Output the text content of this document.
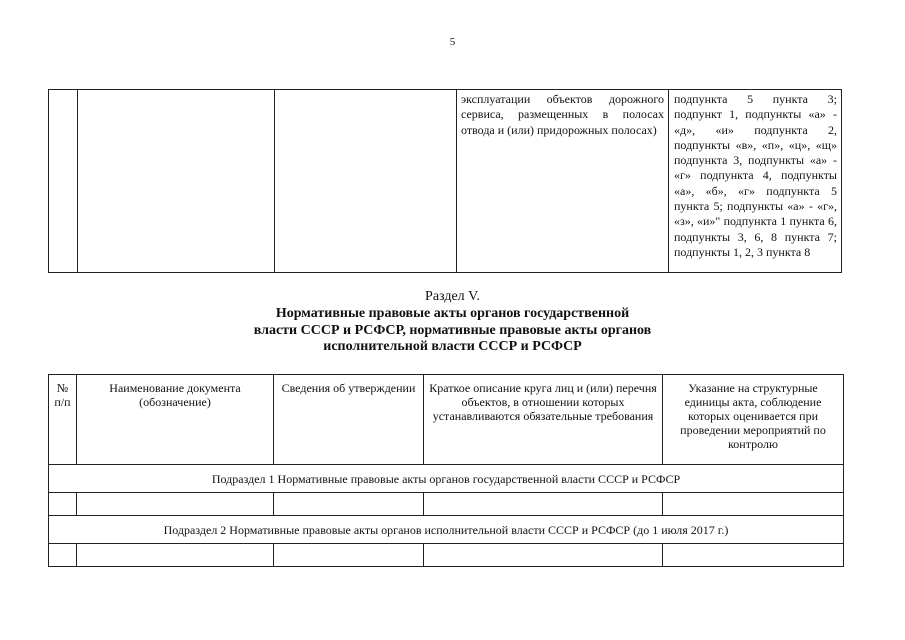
5
			эксплуатации объектов дорожного сервиса, размещенных в полосах отвода и (или) придорожных полосах)	подпункта 5 пункта 3; подпункт 1, подпункты «а» - «д», «и» подпункта 2, подпункты «в», «п», «ц», «щ» подпункта 3, подпункты «а» - «г» подпункта 4, подпункты «а», «б», «г» подпункта 5 пункта 5; подпункты «а» - «г», «з», «и»" подпункта 1 пункта 6, подпункты 3, 6, 8 пункта 7; подпункты 1, 2, 3 пункта 8
Раздел V.
Нормативные правовые акты органов государственной
власти СССР и РСФСР, нормативные правовые акты органов
исполнительной власти СССР и РСФСР
№ п/п	Наименование документа (обозначение)	Сведения об утверждении	Краткое описание круга лиц и (или) перечня объектов, в отношении которых устанавливаются обязательные требования	Указание на структурные единицы акта, соблюдение которых оценивается при проведении мероприятий по контролю
Подраздел 1 Нормативные правовые акты органов государственной власти СССР и РСФСР				

Подраздел 2 Нормативные правовые акты органов исполнительной власти СССР и РСФСР (до 1 июля 2017 г.)				
